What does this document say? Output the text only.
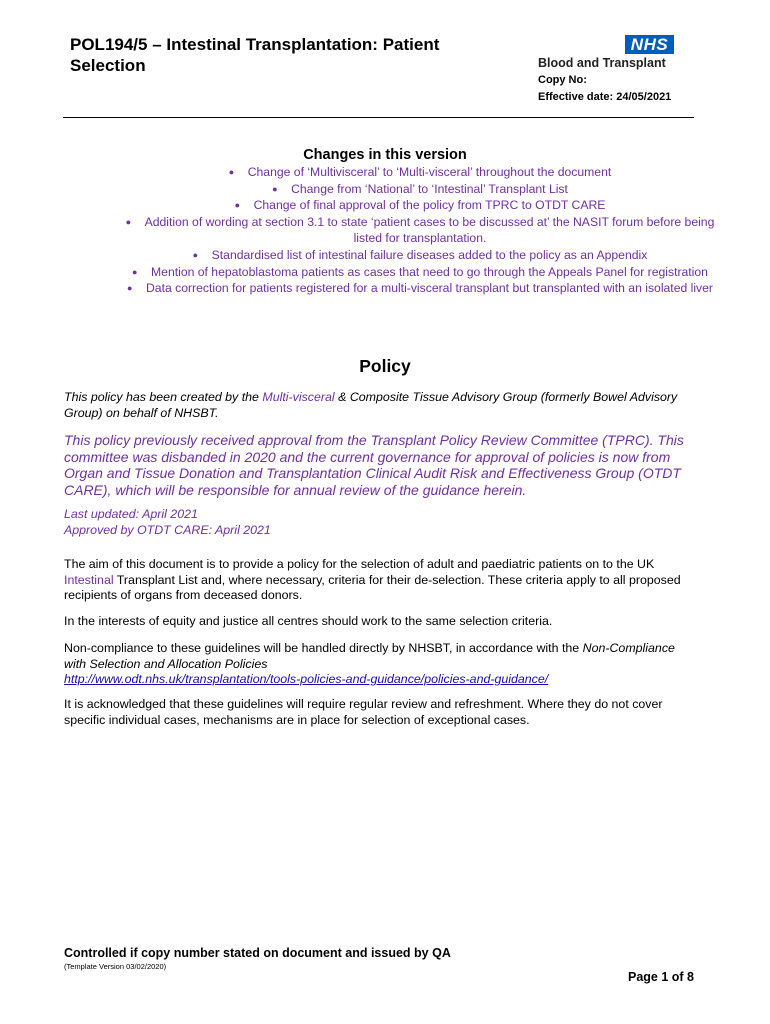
POL194/5 – Intestinal Transplantation: Patient Selection
NHS
Blood and Transplant
Copy No:
Effective date: 24/05/2021
Changes in this version
● Change of ‘Multivisceral’ to ‘Multi-visceral’ throughout the document
● Change from ‘National’ to ‘Intestinal’ Transplant List
● Change of final approval of the policy from TPRC to OTDT CARE
● Addition of wording at section 3.1 to state ‘patient cases to be discussed at’ the NASIT forum before being listed for transplantation.
● Standardised list of intestinal failure diseases added to the policy as an Appendix
● Mention of hepatoblastoma patients as cases that need to go through the Appeals Panel for registration
● Data correction for patients registered for a multi-visceral transplant but transplanted with an isolated liver
Policy
This policy has been created by the Multi-visceral & Composite Tissue Advisory Group (formerly Bowel Advisory Group) on behalf of NHSBT.
This policy previously received approval from the Transplant Policy Review Committee (TPRC). This committee was disbanded in 2020 and the current governance for approval of policies is now from Organ and Tissue Donation and Transplantation Clinical Audit Risk and Effectiveness Group (OTDT CARE), which will be responsible for annual review of the guidance herein.
Last updated: April 2021
Approved by OTDT CARE: April 2021
The aim of this document is to provide a policy for the selection of adult and paediatric patients on to the UK Intestinal Transplant List and, where necessary, criteria for their de-selection. These criteria apply to all proposed recipients of organs from deceased donors.
In the interests of equity and justice all centres should work to the same selection criteria.
Non-compliance to these guidelines will be handled directly by NHSBT, in accordance with the Non-Compliance with Selection and Allocation Policies
http://www.odt.nhs.uk/transplantation/tools-policies-and-guidance/policies-and-guidance/
It is acknowledged that these guidelines will require regular review and refreshment. Where they do not cover specific individual cases, mechanisms are in place for selection of exceptional cases.
Controlled if copy number stated on document and issued by QA
(Template Version 03/02/2020)
Page 1 of 8
